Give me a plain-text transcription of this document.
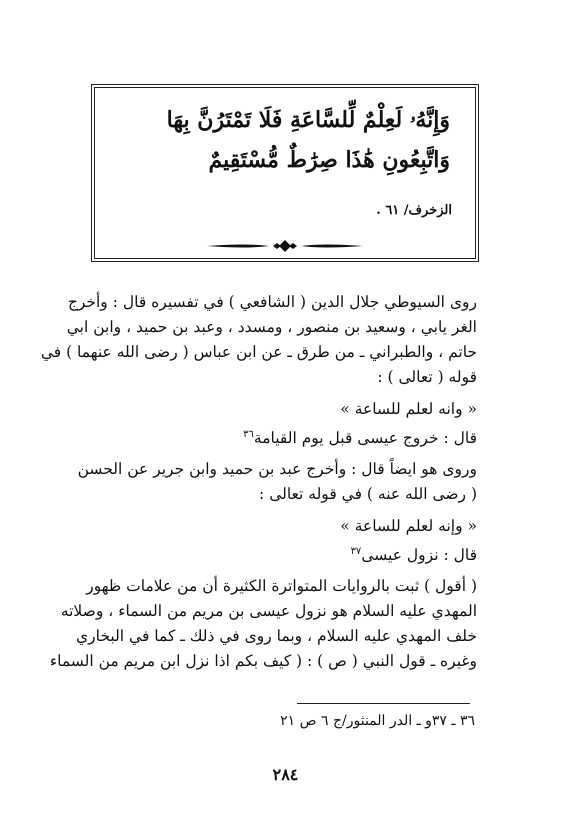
وَإِنَّهُۥ لَعِلْمٌ لِّلسَّاعَةِ فَلَا تَمْتَرُنَّ بِهَا
وَاتَّبِعُونِ هَٰذَا صِرَٰطٌ مُّسْتَقِيمٌ
الزخرف/ ٦١ .

روى السيوطي جلال الدين ( الشافعي ) في تفسيره قال : وأخرج
الغر يابي ، وسعيد بن منصور ، ومسدد ، وعبد بن حميد ، وابن ابي
حاتم ، والطبراني ـ من طرق ـ عن ابن عباس ( رضى الله عنهما ) في
قوله ( تعالى ) :

« وانه لعلم للساعة »
قال : خروج عيسى قبل يوم القيامة$^{٣٦}$

وروى هو ايضاً قال : وأخرج عبد بن حميد وابن جرير عن الحسن
( رضى الله عنه ) في قوله تعالى :

« وإنه لعلم للساعة »
قال : نزول عيسى$^{٣٧}$

( أقول ) ثبت بالروايات المتواترة الكثيرة أن من علامات ظهور
المهدي عليه السلام هو نزول عيسى بن مريم من السماء ، وصلاته
خلف المهدي عليه السلام ، وبما روى في ذلك ـ كما في البخاري
وغيره ـ قول النبي ( ص ) : ( كيف بكم اذا نزل ابن مريم من السماء

٣٦ ـ ٣٧و ـ الدر المنثور/ج ٦ ص ٢١
٢٨٤
